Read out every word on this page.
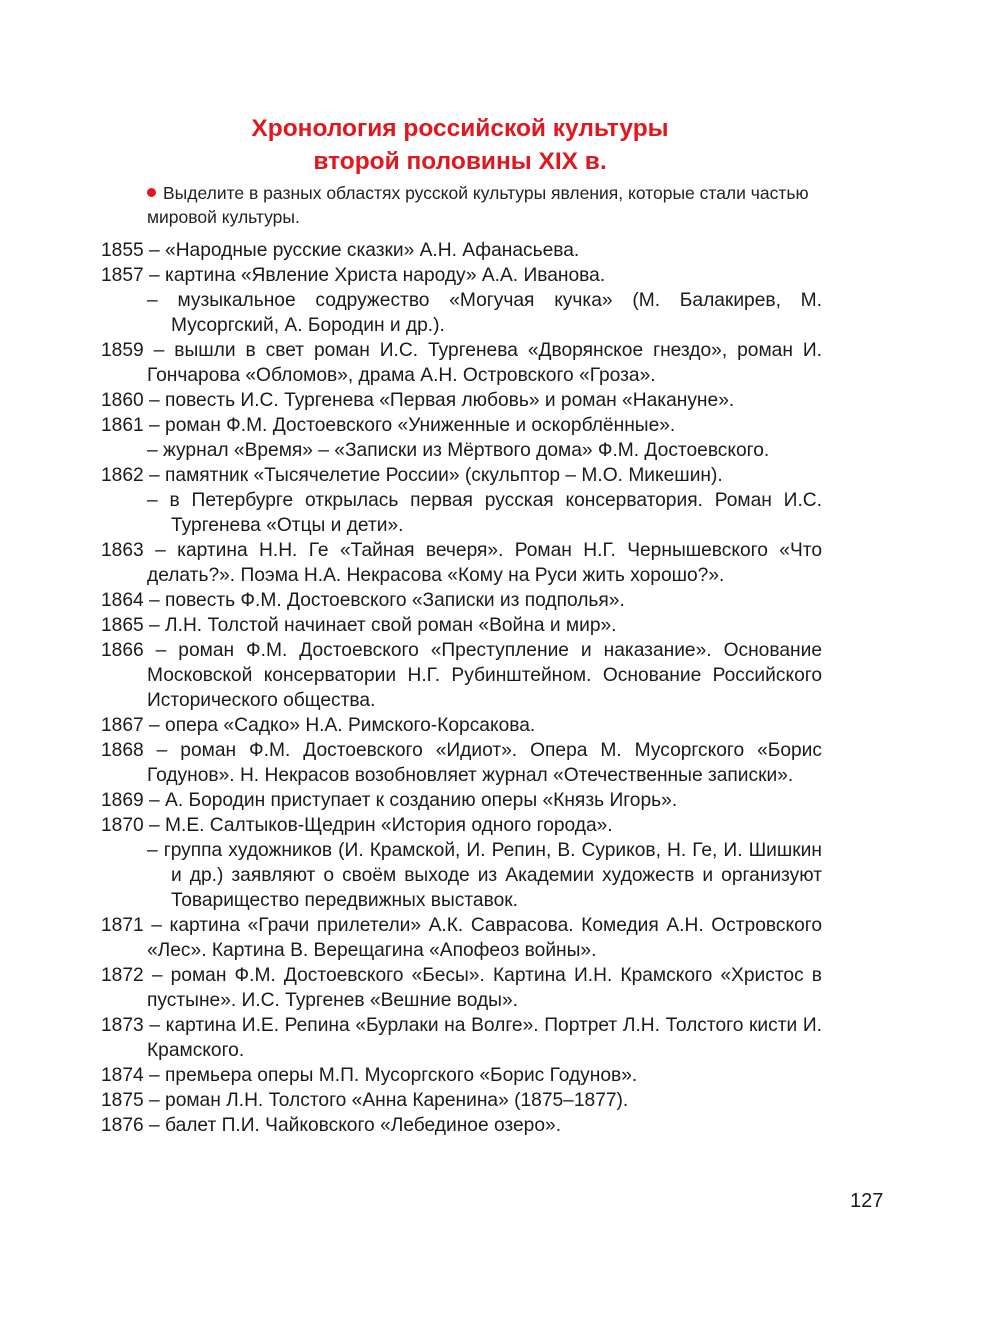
Хронология российской культуры
второй половины XIX в.
Выделите в разных областях русской культуры явления, которые стали частью мировой культуры.
1855 – «Народные русские сказки» А.Н. Афанасьева.
1857 – картина «Явление Христа народу» А.А. Иванова.
– музыкальное содружество «Могучая кучка» (М. Балакирев, М. Мусоргский, А. Бородин и др.).
1859 – вышли в свет роман И.С. Тургенева «Дворянское гнездо», роман И. Гончарова «Обломов», драма А.Н. Островского «Гроза».
1860 – повесть И.С. Тургенева «Первая любовь» и роман «Накануне».
1861 – роман Ф.М. Достоевского «Униженные и оскорблённые».
– журнал «Время» – «Записки из Мёртвого дома» Ф.М. Достоевского.
1862 – памятник «Тысячелетие России» (скульптор – М.О. Микешин).
– в Петербурге открылась первая русская консерватория. Роман И.С. Тургенева «Отцы и дети».
1863 – картина Н.Н. Ге «Тайная вечеря». Роман Н.Г. Чернышевского «Что делать?». Поэма Н.А. Некрасова «Кому на Руси жить хорошо?».
1864 – повесть Ф.М. Достоевского «Записки из подполья».
1865 – Л.Н. Толстой начинает свой роман «Война и мир».
1866 – роман Ф.М. Достоевского «Преступление и наказание». Основание Московской консерватории Н.Г. Рубинштейном. Основание Российского Исторического общества.
1867 – опера «Садко» Н.А. Римского-Корсакова.
1868 – роман Ф.М. Достоевского «Идиот». Опера М. Мусоргского «Борис Годунов». Н. Некрасов возобновляет журнал «Отечественные записки».
1869 – А. Бородин приступает к созданию оперы «Князь Игорь».
1870 – М.Е. Салтыков-Щедрин «История одного города».
– группа художников (И. Крамской, И. Репин, В. Суриков, Н. Ге, И. Шишкин и др.) заявляют о своём выходе из Академии художеств и организуют Товарищество передвижных выставок.
1871 – картина «Грачи прилетели» А.К. Саврасова. Комедия А.Н. Островского «Лес». Картина В. Верещагина «Апофеоз войны».
1872 – роман Ф.М. Достоевского «Бесы». Картина И.Н. Крамского «Христос в пустыне». И.С. Тургенев «Вешние воды».
1873 – картина И.Е. Репина «Бурлаки на Волге». Портрет Л.Н. Толстого кисти И. Крамского.
1874 – премьера оперы М.П. Мусоргского «Борис Годунов».
1875 – роман Л.Н. Толстого «Анна Каренина» (1875–1877).
1876 – балет П.И. Чайковского «Лебединое озеро».
127
